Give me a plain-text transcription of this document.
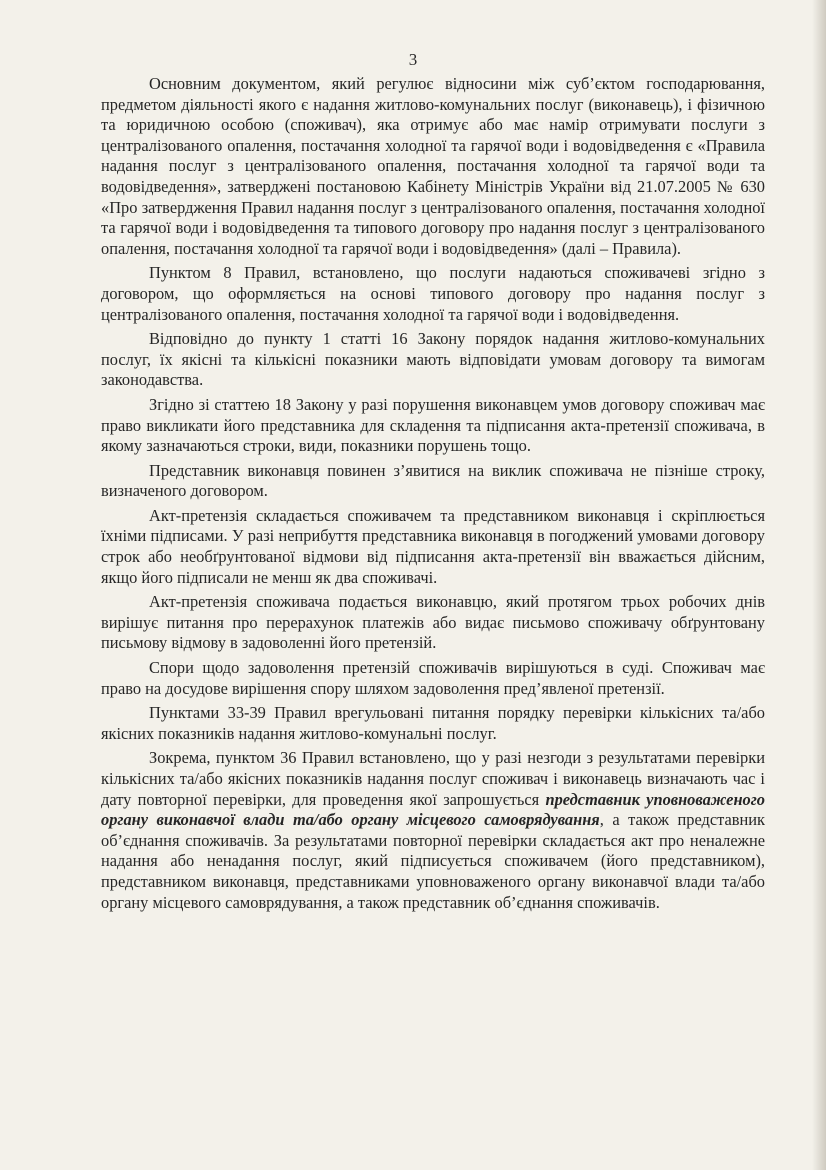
3

Основним документом, який регулює відносини між суб’єктом господарювання, предметом діяльності якого є надання житлово-комунальних послуг (виконавець), і фізичною та юридичною особою (споживач), яка отримує або має намір отримувати послуги з централізованого опалення, постачання холодної та гарячої води і водовідведення є «Правила надання послуг з централізованого опалення, постачання холодної та гарячої води та водовідведення», затверджені постановою Кабінету Міністрів України від 21.07.2005 № 630 «Про затвердження Правил надання послуг з централізованого опалення, постачання холодної та гарячої води і водовідведення та типового договору про надання послуг з централізованого опалення, постачання холодної та гарячої води і водовідведення» (далі – Правила).

Пунктом 8 Правил, встановлено, що послуги надаються споживачеві згідно з договором, що оформляється на основі типового договору про надання послуг з централізованого опалення, постачання холодної та гарячої води і водовідведення.

Відповідно до пункту 1 статті 16 Закону порядок надання житлово-комунальних послуг, їх якісні та кількісні показники мають відповідати умовам договору та вимогам законодавства.

Згідно зі статтею 18 Закону у разі порушення виконавцем умов договору споживач має право викликати його представника для складення та підписання акта-претензії споживача, в якому зазначаються строки, види, показники порушень тощо.

Представник виконавця повинен з’явитися на виклик споживача не пізніше строку, визначеного договором.

Акт-претензія складається споживачем та представником виконавця і скріплюється їхніми підписами. У разі неприбуття представника виконавця в погоджений умовами договору строк або необґрунтованої відмови від підписання акта-претензії він вважається дійсним, якщо його підписали не менш як два споживачі.

Акт-претензія споживача подається виконавцю, який протягом трьох робочих днів вирішує питання про перерахунок платежів або видає письмово споживачу обґрунтовану письмову відмову в задоволенні його претензій.

Спори щодо задоволення претензій споживачів вирішуються в суді. Споживач має право на досудове вирішення спору шляхом задоволення пред’явленої претензії.

Пунктами 33-39 Правил врегульовані питання порядку перевірки кількісних та/або якісних показників надання житлово-комунальні послуг.

Зокрема, пунктом 36 Правил встановлено, що у разі незгоди з результатами перевірки кількісних та/або якісних показників надання послуг споживач і виконавець визначають час і дату повторної перевірки, для проведення якої запрошується представник уповноваженого органу виконавчої влади та/або органу місцевого самоврядування, а також представник об’єднання споживачів. За результатами повторної перевірки складається акт про неналежне надання або ненадання послуг, який підписується споживачем (його представником), представником виконавця, представниками уповноваженого органу виконавчої влади та/або органу місцевого самоврядування, а також представник об’єднання споживачів.
